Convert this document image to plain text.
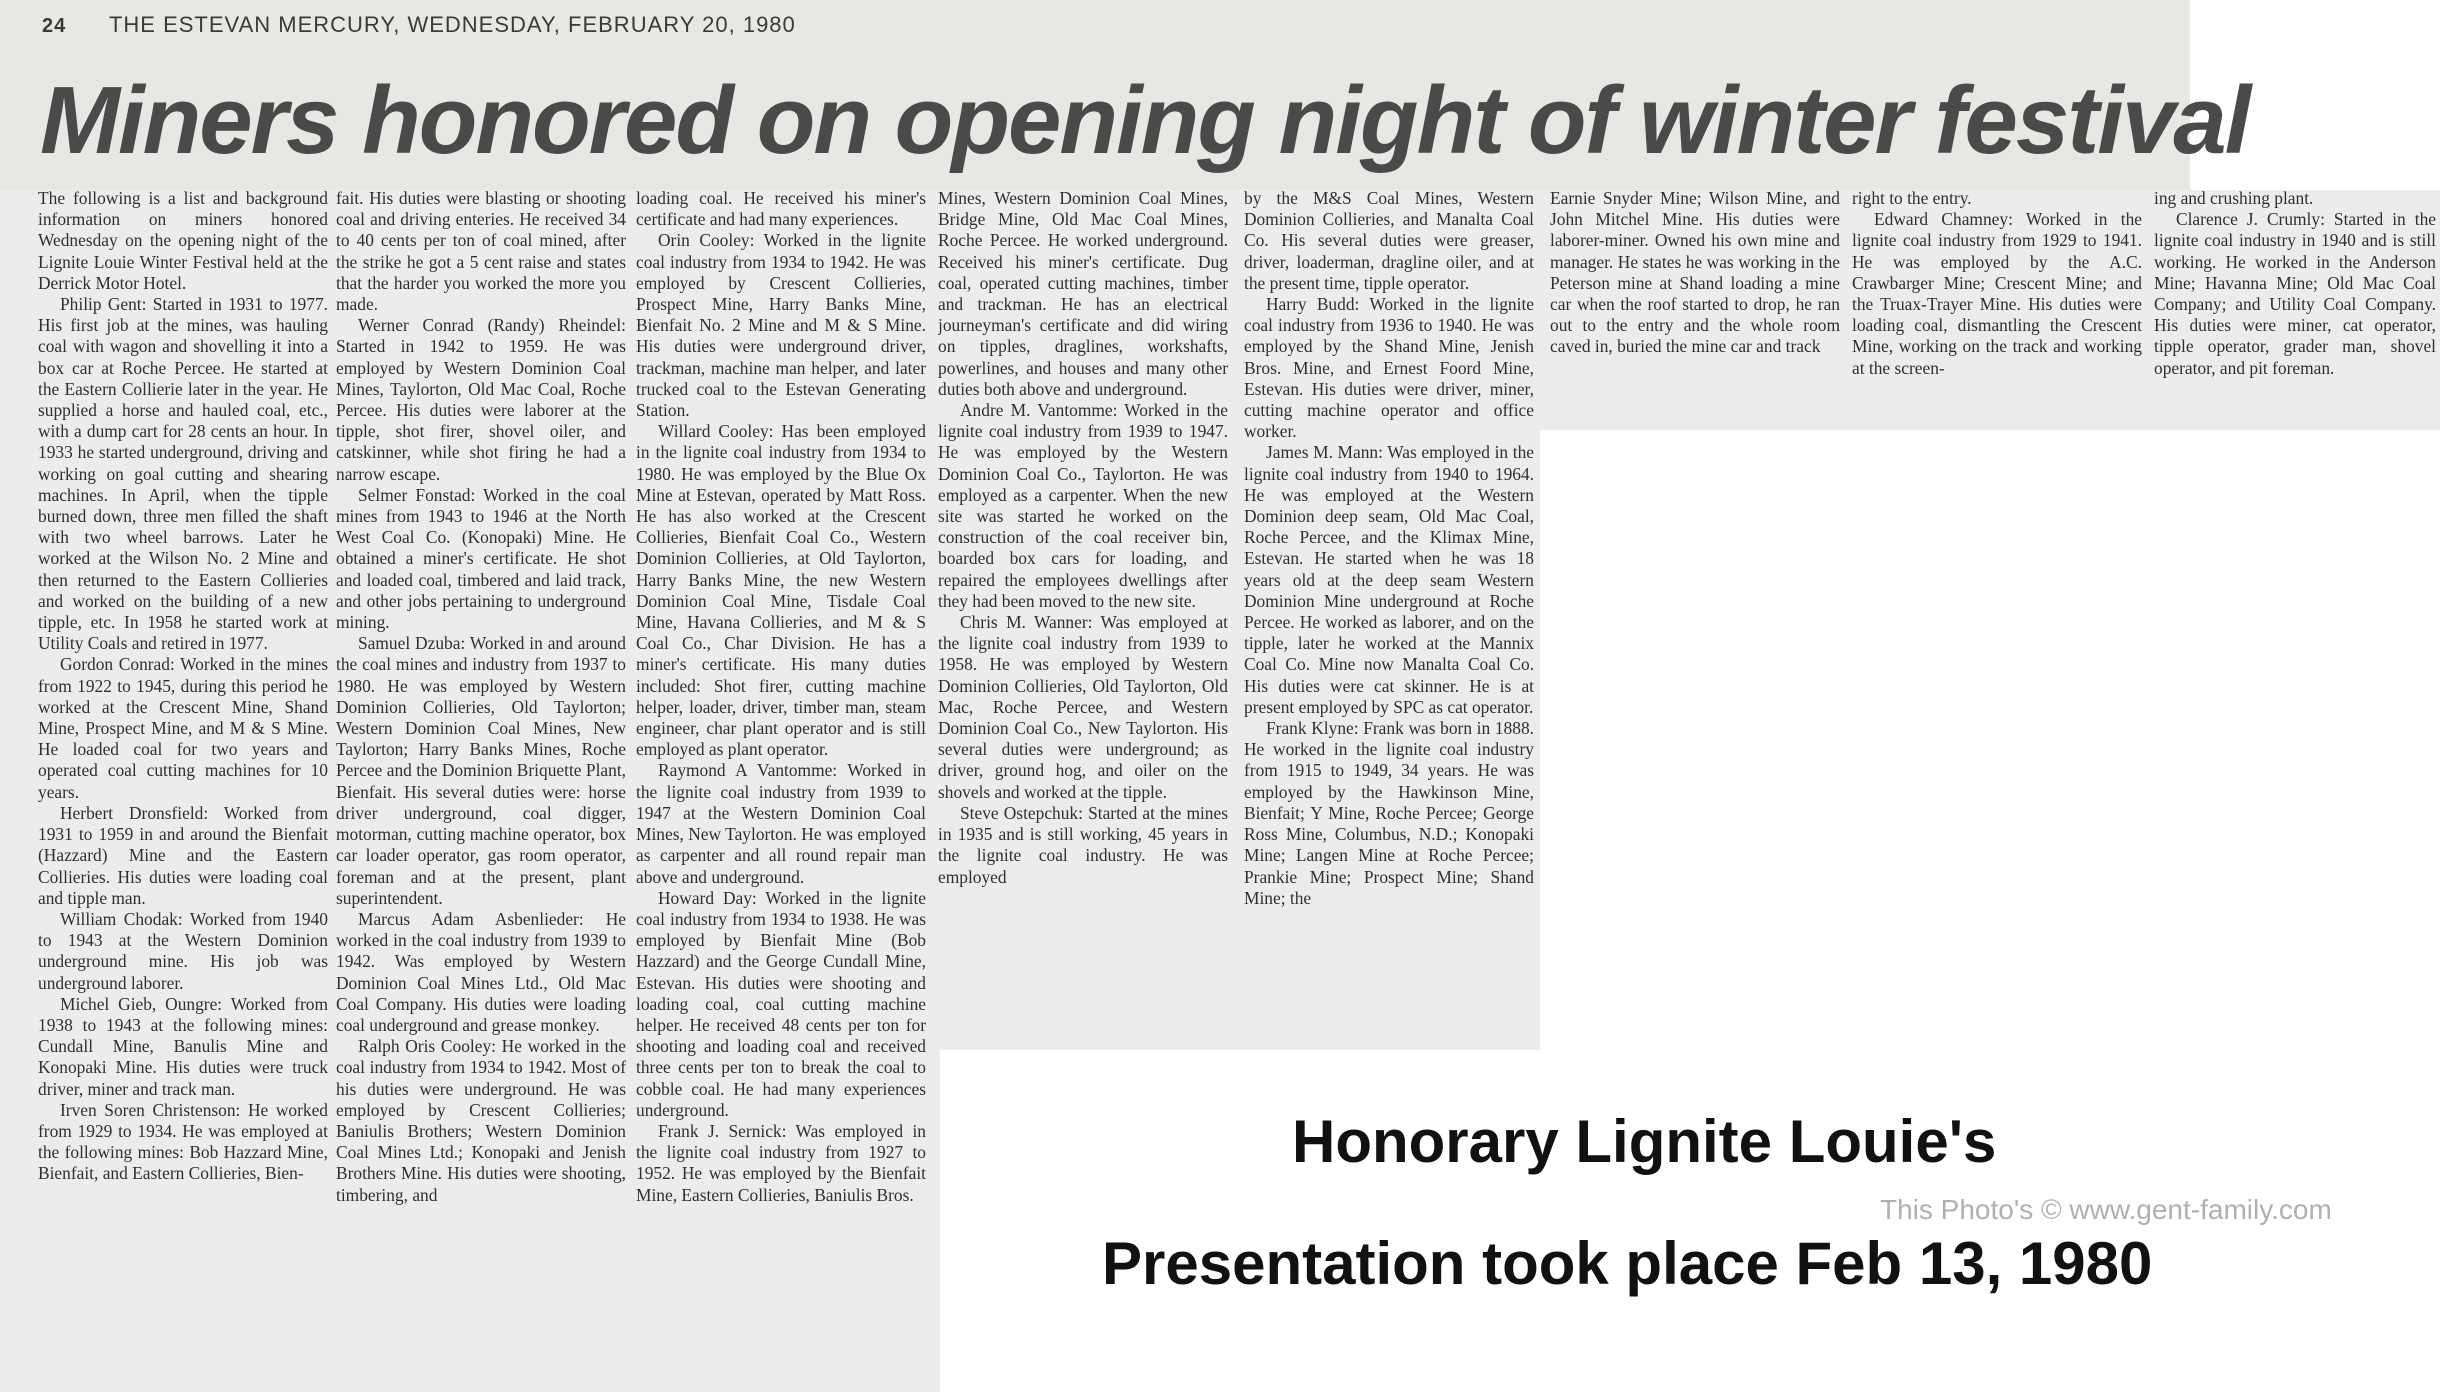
24 THE ESTEVAN MERCURY, WEDNESDAY, FEBRUARY 20, 1980
Miners honored on opening night of winter festival

The following is a list and background information on miners honored Wednesday on the opening night of the Lignite Louie Winter Festival held at the Derrick Motor Hotel.

Philip Gent: Started in 1931 to 1977. His first job at the mines, was hauling coal with wagon and shovelling it into a box car at Roche Percee. He started at the Eastern Collierie later in the year. He supplied a horse and hauled coal, etc., with a dump cart for 28 cents an hour. In 1933 he started underground, driving and working on goal cutting and shearing machines. In April, when the tipple burned down, three men filled the shaft with two wheel barrows. Later he worked at the Wilson No. 2 Mine and then returned to the Eastern Collieries and worked on the building of a new tipple, etc. In 1958 he started work at Utility Coals and retired in 1977.

Gordon Conrad: Worked in the mines from 1922 to 1945, during this period he worked at the Crescent Mine, Shand Mine, Prospect Mine, and M & S Mine. He loaded coal for two years and operated coal cutting machines for 10 years.

Herbert Dronsfield: Worked from 1931 to 1959 in and around the Bienfait (Hazzard) Mine and the Eastern Collieries. His duties were loading coal and tipple man.

William Chodak: Worked from 1940 to 1943 at the Western Dominion underground mine. His job was underground laborer.

Michel Gieb, Oungre: Worked from 1938 to 1943 at the following mines: Cundall Mine, Banulis Mine and Konopaki Mine. His duties were truck driver, miner and track man.

Irven Soren Christenson: He worked from 1929 to 1934. He was employed at the following mines: Bob Hazzard Mine, Bienfait, and Eastern Collieries, Bien-

fait. His duties were blasting or shooting coal and driving enteries. He received 34 to 40 cents per ton of coal mined, after the strike he got a 5 cent raise and states that the harder you worked the more you made.

Werner Conrad (Randy) Rheindel: Started in 1942 to 1959. He was employed by Western Dominion Coal Mines, Taylorton, Old Mac Coal, Roche Percee. His duties were laborer at the tipple, shot firer, shovel oiler, and catskinner, while shot firing he had a narrow escape.

Selmer Fonstad: Worked in the coal mines from 1943 to 1946 at the North West Coal Co. (Konopaki) Mine. He obtained a miner's certificate. He shot and loaded coal, timbered and laid track, and other jobs pertaining to underground mining.

Samuel Dzuba: Worked in and around the coal mines and industry from 1937 to 1980. He was employed by Western Dominion Collieries, Old Taylorton; Western Dominion Coal Mines, New Taylorton; Harry Banks Mines, Roche Percee and the Dominion Briquette Plant, Bienfait. His several duties were: horse driver underground, coal digger, motorman, cutting machine operator, box car loader operator, gas room operator, foreman and at the present, plant superintendent.

Marcus Adam Asbenlieder: He worked in the coal industry from 1939 to 1942. Was employed by Western Dominion Coal Mines Ltd., Old Mac Coal Company. His duties were loading coal underground and grease monkey.

Ralph Oris Cooley: He worked in the coal industry from 1934 to 1942. Most of his duties were underground. He was employed by Crescent Collieries; Baniulis Brothers; Western Dominion Coal Mines Ltd.; Konopaki and Jenish Brothers Mine. His duties were shooting, timbering, and

loading coal. He received his miner's certificate and had many experiences.

Orin Cooley: Worked in the lignite coal industry from 1934 to 1942. He was employed by Crescent Collieries, Prospect Mine, Harry Banks Mine, Bienfait No. 2 Mine and M & S Mine. His duties were underground driver, trackman, machine man helper, and later trucked coal to the Estevan Generating Station.

Willard Cooley: Has been employed in the lignite coal industry from 1934 to 1980. He was employed by the Blue Ox Mine at Estevan, operated by Matt Ross. He has also worked at the Crescent Collieries, Bienfait Coal Co., Western Dominion Collieries, at Old Taylorton, Harry Banks Mine, the new Western Dominion Coal Mine, Tisdale Coal Mine, Havana Collieries, and M & S Coal Co., Char Division. He has a miner's certificate. His many duties included: Shot firer, cutting machine helper, loader, driver, timber man, steam engineer, char plant operator and is still employed as plant operator.

Raymond A Vantomme: Worked in the lignite coal industry from 1939 to 1947 at the Western Dominion Coal Mines, New Taylorton. He was employed as carpenter and all round repair man above and underground.

Howard Day: Worked in the lignite coal industry from 1934 to 1938. He was employed by Bienfait Mine (Bob Hazzard) and the George Cundall Mine, Estevan. His duties were shooting and loading coal, coal cutting machine helper. He received 48 cents per ton for shooting and loading coal and received three cents per ton to break the coal to cobble coal. He had many experiences underground.

Frank J. Sernick: Was employed in the lignite coal industry from 1927 to 1952. He was employed by the Bienfait Mine, Eastern Collieries, Baniulis Bros.

Mines, Western Dominion Coal Mines, Bridge Mine, Old Mac Coal Mines, Roche Percee. He worked underground. Received his miner's certificate. Dug coal, operated cutting machines, timber and trackman. He has an electrical journeyman's certificate and did wiring on tipples, draglines, workshafts, powerlines, and houses and many other duties both above and underground.

Andre M. Vantomme: Worked in the lignite coal industry from 1939 to 1947. He was employed by the Western Dominion Coal Co., Taylorton. He was employed as a carpenter. When the new site was started he worked on the construction of the coal receiver bin, boarded box cars for loading, and repaired the employees dwellings after they had been moved to the new site.

Chris M. Wanner: Was employed at the lignite coal industry from 1939 to 1958. He was employed by Western Dominion Collieries, Old Taylorton, Old Mac, Roche Percee, and Western Dominion Coal Co., New Taylorton. His several duties were underground; as driver, ground hog, and oiler on the shovels and worked at the tipple.

Steve Ostepchuk: Started at the mines in 1935 and is still working, 45 years in the lignite coal industry. He was employed

by the M&S Coal Mines, Western Dominion Collieries, and Manalta Coal Co. His several duties were greaser, driver, loaderman, dragline oiler, and at the present time, tipple operator.

Harry Budd: Worked in the lignite coal industry from 1936 to 1940. He was employed by the Shand Mine, Jenish Bros. Mine, and Ernest Foord Mine, Estevan. His duties were driver, miner, cutting machine operator and office worker.

James M. Mann: Was employed in the lignite coal industry from 1940 to 1964. He was employed at the Western Dominion deep seam, Old Mac Coal, Roche Percee, and the Klimax Mine, Estevan. He started when he was 18 years old at the deep seam Western Dominion Mine underground at Roche Percee. He worked as laborer, and on the tipple, later he worked at the Mannix Coal Co. Mine now Manalta Coal Co. His duties were cat skinner. He is at present employed by SPC as cat operator.

Frank Klyne: Frank was born in 1888. He worked in the lignite coal industry from 1915 to 1949, 34 years. He was employed by the Hawkinson Mine, Bienfait; Y Mine, Roche Percee; George Ross Mine, Columbus, N.D.; Konopaki Mine; Langen Mine at Roche Percee; Prankie Mine; Prospect Mine; Shand Mine; the

Earnie Snyder Mine; Wilson Mine, and John Mitchel Mine. His duties were laborer-miner. Owned his own mine and manager. He states he was working in the Peterson mine at Shand loading a mine car when the roof started to drop, he ran out to the entry and the whole room caved in, buried the mine car and track

right to the entry.

Edward Chamney: Worked in the lignite coal industry from 1929 to 1941. He was employed by the A.C. Crawbarger Mine; Crescent Mine; and the Truax-Trayer Mine. His duties were loading coal, dismantling the Crescent Mine, working on the track and working at the screen-

ing and crushing plant.

Clarence J. Crumly: Started in the lignite coal industry in 1940 and is still working. He worked in the Anderson Mine; Havanna Mine; Old Mac Coal Company; and Utility Coal Company. His duties were miner, cat operator, tipple operator, grader man, shovel operator, and pit foreman.

Honorary Lignite Louie's
This Photo's © www.gent-family.com
Presentation took place Feb 13, 1980
